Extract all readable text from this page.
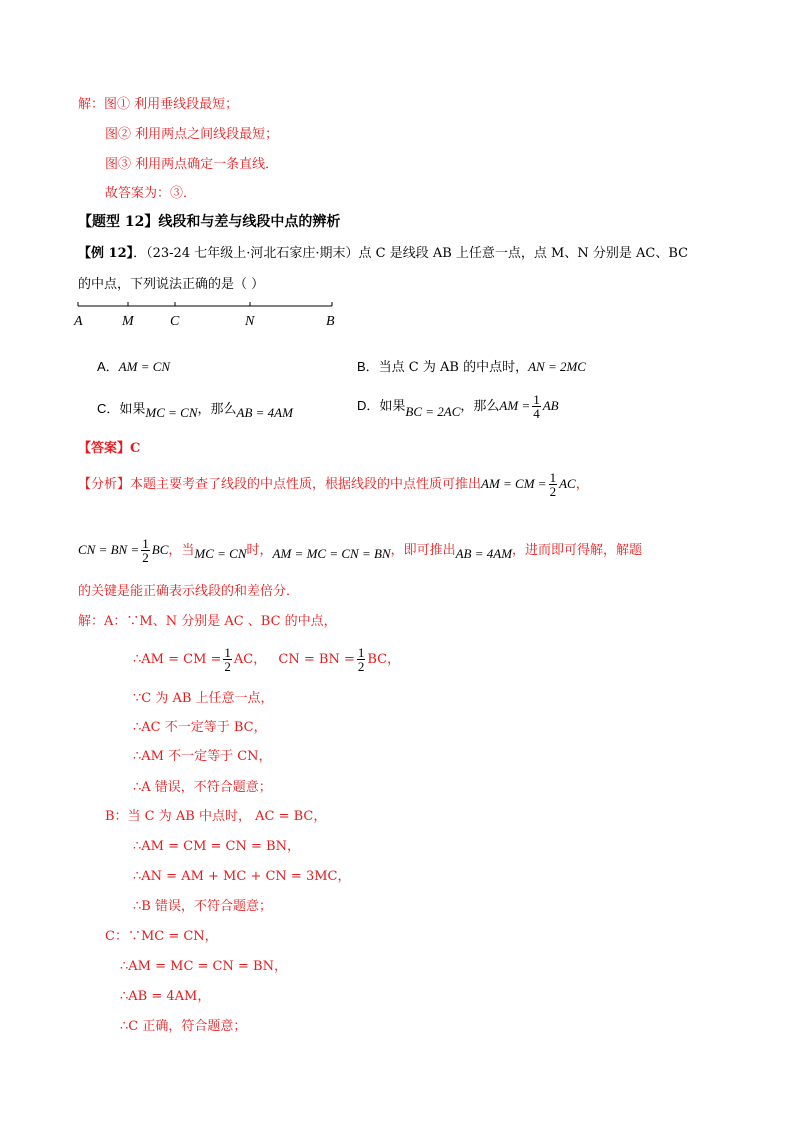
解：图① 利用垂线段最短；
图② 利用两点之间线段最短；
图③ 利用两点确定一条直线．
故答案为：③．
【题型 12】线段和与差与线段中点的辨析
【例 12】．（23-24 七年级上·河北石家庄·期末）点 C 是线段 AB 上任意一点，点 M、N 分别是 AC、BC
的中点，下列说法正确的是（ ）
A	M	C	N	B
A．AM = CN	B．当点 C 为 AB 的中点时，AN = 2MC
C．如果MC = CN，那么AB = 4AM	D．如果BC = 2AC，那么AM = $\frac{1}{4}$ AB
【答案】C
【分析】本题主要考查了线段的中点性质，根据线段的中点性质可推出AM = CM = $\frac{1}{2}$ AC，
CN = BN = $\frac{1}{2}$ BC，当MC = CN时，AM = MC = CN = BN，即可推出AB = 4AM，进而即可得解，解题
的关键是能正确表示线段的和差倍分．
解：A：∵M、N 分别是 AC 、BC 的中点，
∴AM = CM = $\frac{1}{2}$ AC， CN = BN = $\frac{1}{2}$ BC，
∵C 为 AB 上任意一点，
∴AC 不一定等于 BC，
∴AM 不一定等于 CN，
∴A 错误，不符合题意；
B：当 C 为 AB 中点时， AC = BC，
∴AM = CM = CN = BN，
∴AN = AM + MC + CN = 3MC，
∴B 错误，不符合题意；
C：∵MC = CN，
∴AM = MC = CN = BN，
∴AB = 4AM，
∴C 正确，符合题意；
